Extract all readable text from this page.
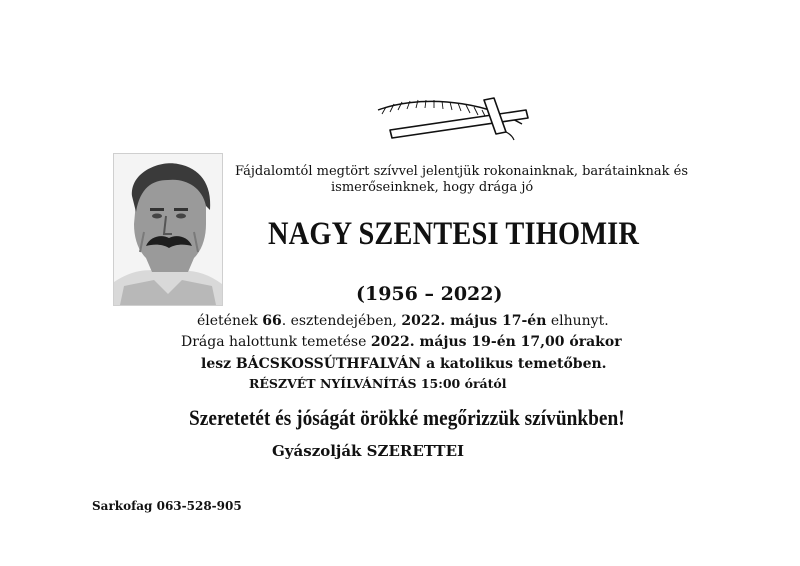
Fájdalomtól megtört szívvel jelentjük rokonainknak, barátainknak és
ismerőseinknek, hogy drága jó
NAGY SZENTESI TIHOMIR
(1956 – 2022)
életének 66. esztendejében, 2022. május 17-én elhunyt.
Drága halottunk temetése 2022. május 19-én 17,00 órakor
lesz BÁCSKOSSÚTHFALVÁN a katolikus temetőben.
RÉSZVÉT NYÍLVÁNÍTÁS 15:00 órától
Szeretetét és jóságát örökké megőrizzük szívünkben!
Gyászolják SZERETTEI
Sarkofag 063-528-905
